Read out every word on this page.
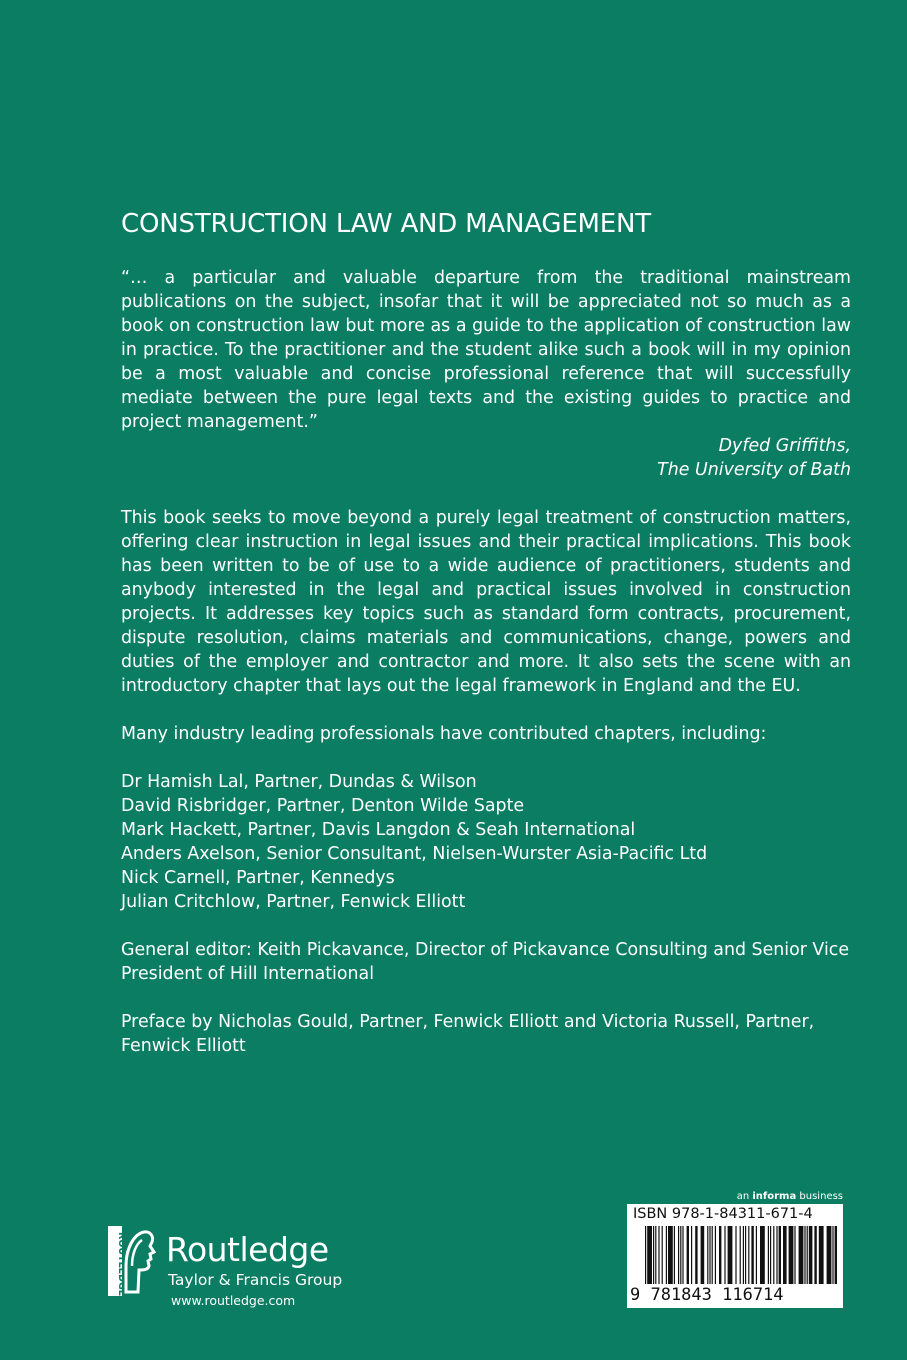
CONSTRUCTION LAW AND MANAGEMENT

“… a particular and valuable departure from the traditional mainstream publications on the subject, insofar that it will be appreciated not so much as a book on construction law but more as a guide to the application of construction law in practice. To the practitioner and the student alike such a book will in my opinion be a most valuable and concise professional reference that will successfully mediate between the pure legal texts and the existing guides to practice and project management.”

Dyfed Griffiths,
The University of Bath

This book seeks to move beyond a purely legal treatment of construction matters, offering clear instruction in legal issues and their practical implications. This book has been written to be of use to a wide audience of practitioners, students and anybody interested in the legal and practical issues involved in construction projects. It addresses key topics such as standard form contracts, procurement, dispute resolution, claims materials and communications, change, powers and duties of the employer and contractor and more. It also sets the scene with an introductory chapter that lays out the legal framework in England and the EU.

Many industry leading professionals have contributed chapters, including:

Dr Hamish Lal, Partner, Dundas & Wilson
David Risbridger, Partner, Denton Wilde Sapte
Mark Hackett, Partner, Davis Langdon & Seah International
Anders Axelson, Senior Consultant, Nielsen-Wurster Asia-Pacific Ltd
Nick Carnell, Partner, Kennedys
Julian Critchlow, Partner, Fenwick Elliott

General editor: Keith Pickavance, Director of Pickavance Consulting and Senior Vice President of Hill International

Preface by Nicholas Gould, Partner, Fenwick Elliott and Victoria Russell, Partner, Fenwick Elliott

ROUTLEDGE Routledge

Taylor & Francis Group

www.routledge.com

an informa business

ISBN 978-1-84311-671-4

9 781843 116714
